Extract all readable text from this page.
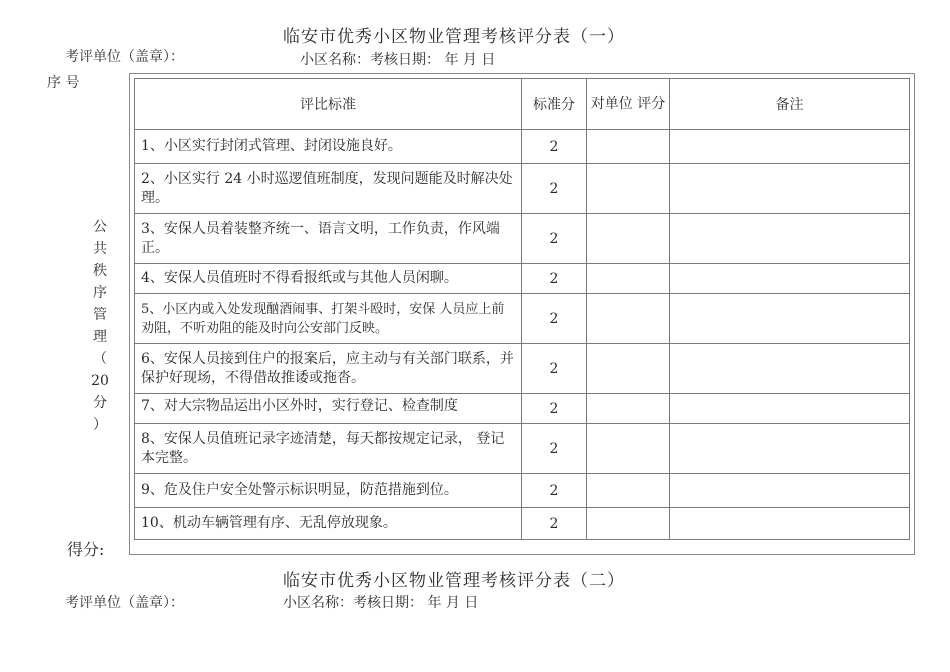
临安市优秀小区物业管理考核评分表（一）
考评单位（盖章）：	小区名称：考核日期： 年 月 日
序 号
公
共
秩
序
管
理
（
20
分
）
评比标准	标准分	对单位 评分	备注
1、小区实行封闭式管理、封闭设施良好。	2		
2、小区实行 24 小时巡逻值班制度，发现问题能及时解决处理。	2		
3、安保人员着装整齐统一、语言文明，工作负责，作风端正。	2		
4、安保人员值班时不得看报纸或与其他人员闲聊。	2		
5、小区内或入处发现酗酒闹事、打架斗殴时，安保 人员应上前劝阻，不听劝阻的能及时向公安部门反映。	2		
6、安保人员接到住户的报案后，应主动与有关部门联系，并保护好现场，不得借故推诿或拖沓。	2		

7、对大宗物品运出小区外时，实行登记、检查制度	2		
8、安保人员值班记录字迹清楚，每天都按规定记录， 登记本完整。	2		
9、危及住户安全处警示标识明显，防范措施到位。	2		
10、机动车辆管理有序、无乱停放现象。	2		
得分:
临安市优秀小区物业管理考核评分表（二）
考评单位（盖章）：	小区名称：考核日期： 年 月 日
